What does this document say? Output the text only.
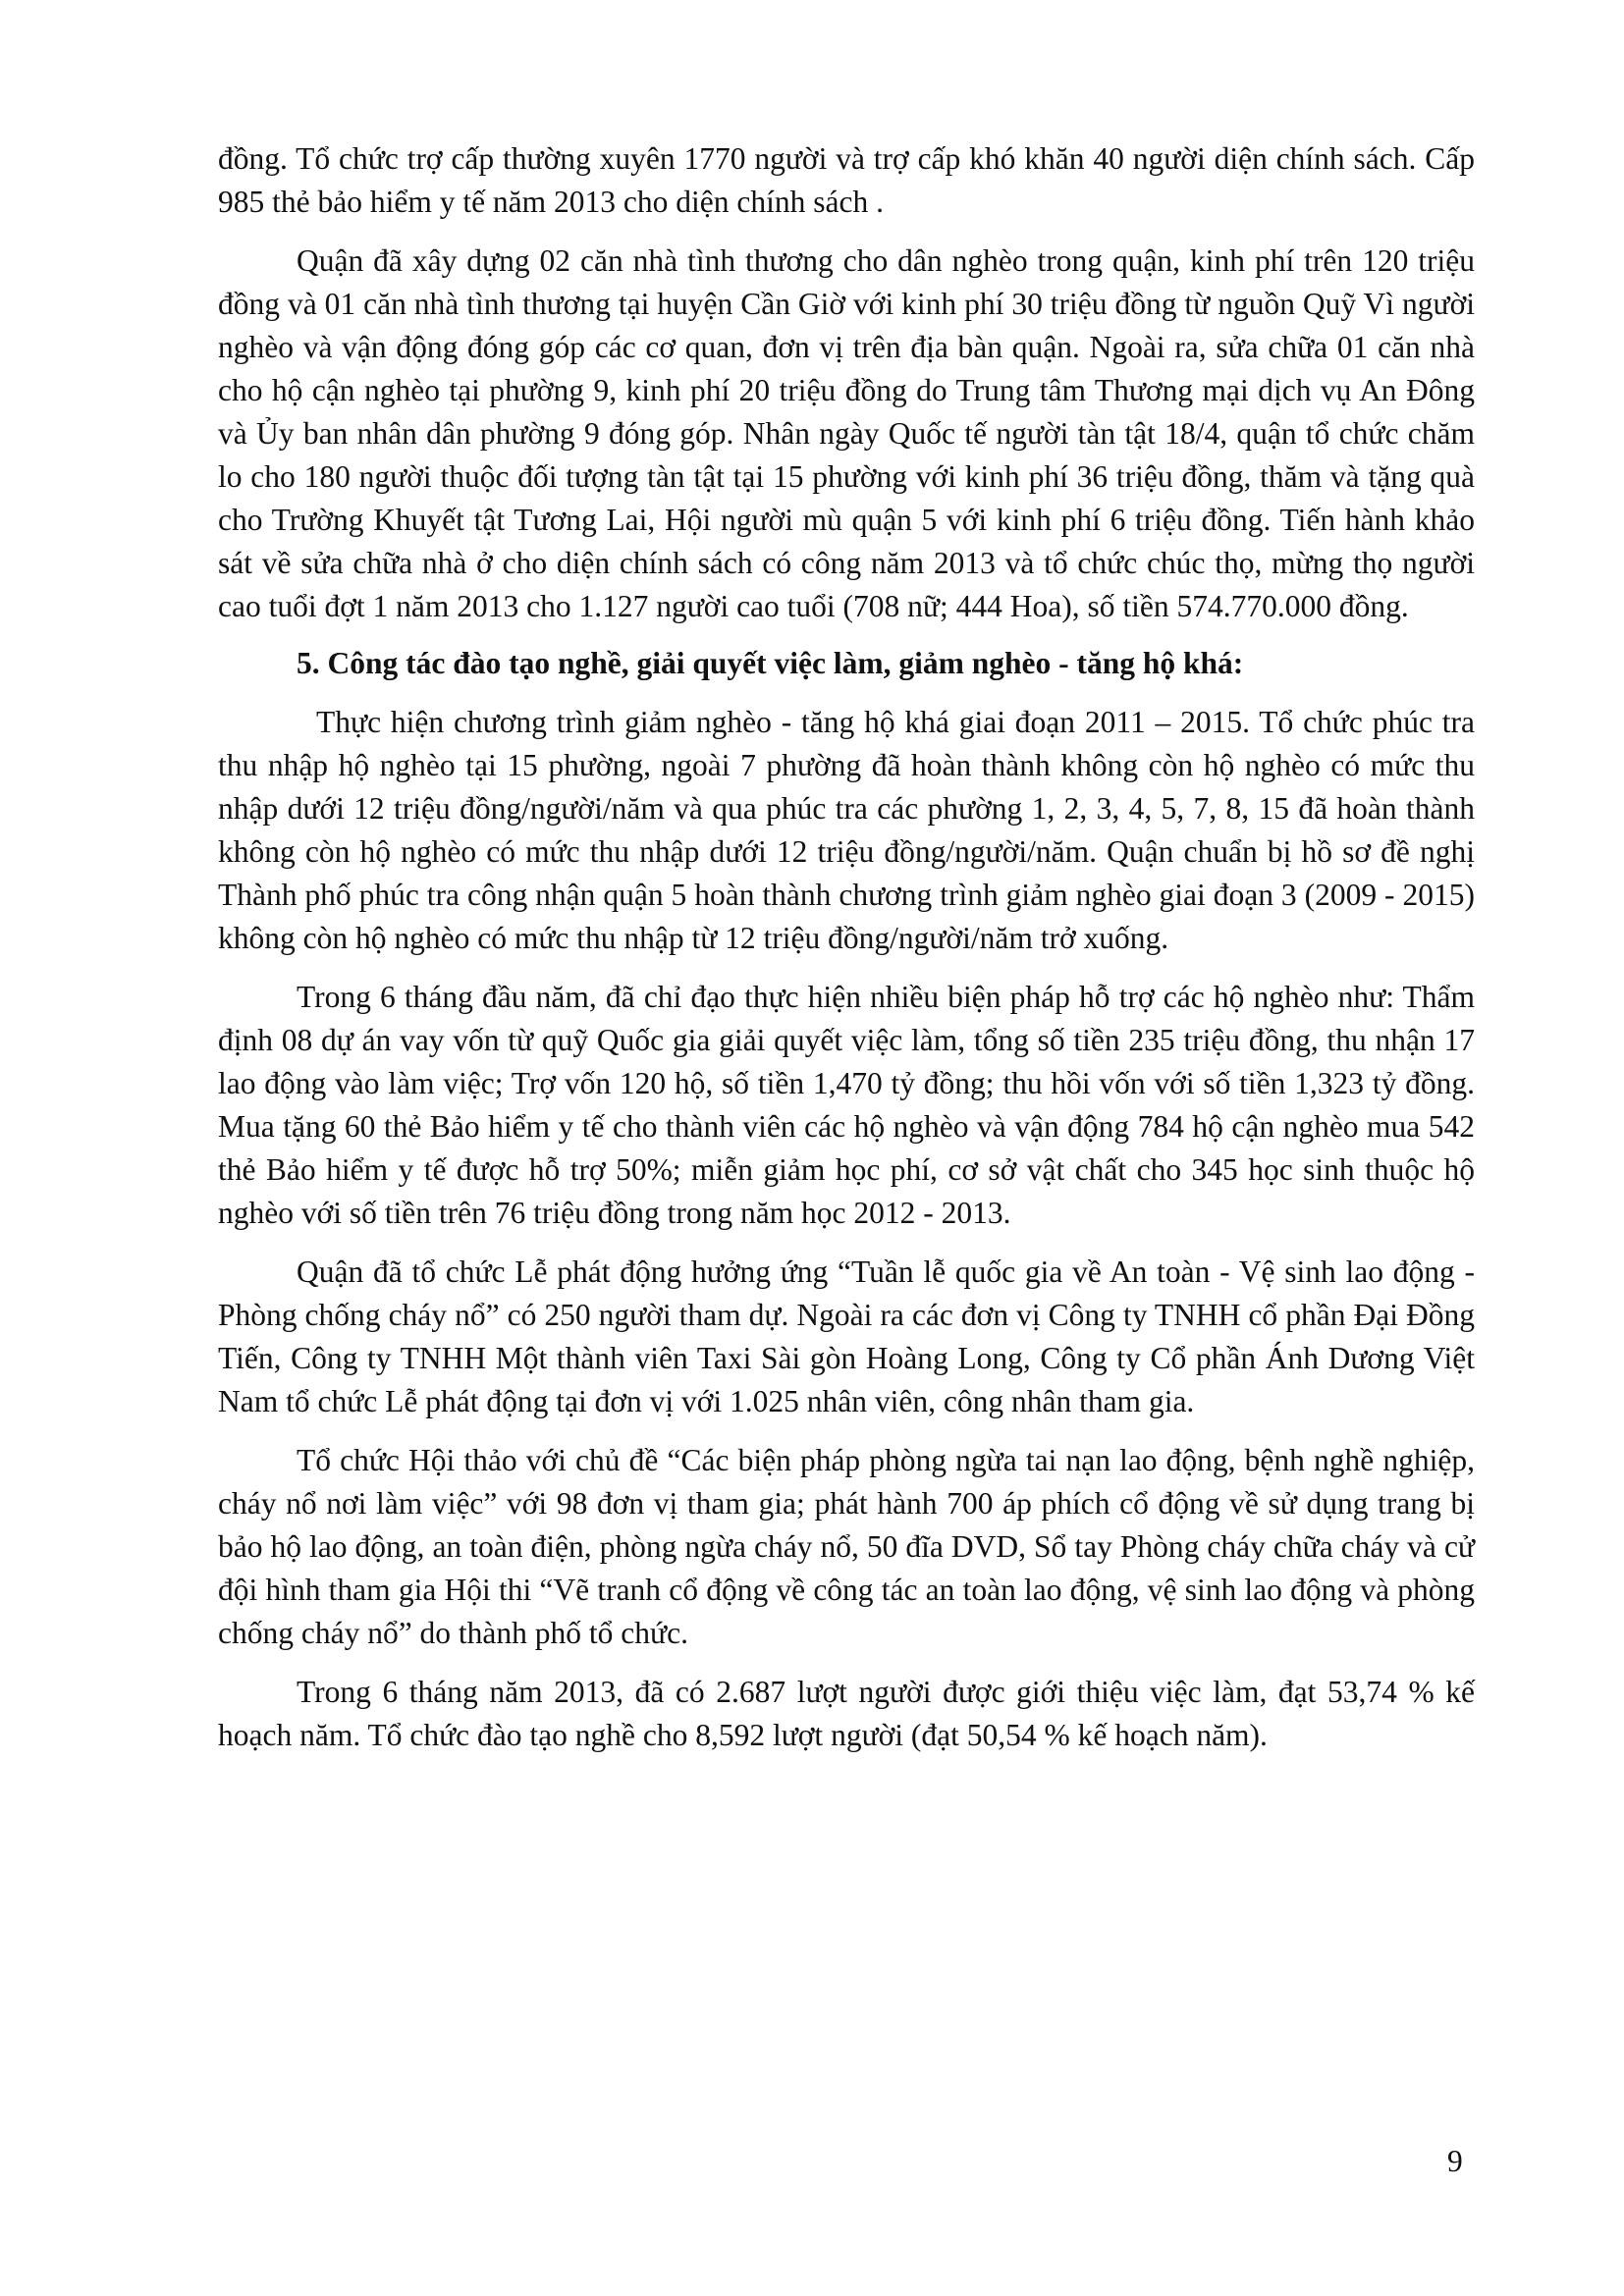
đồng. Tổ chức trợ cấp thường xuyên 1770 người và trợ cấp khó khăn 40 người diện chính sách. Cấp 985 thẻ bảo hiểm y tế năm 2013 cho diện chính sách .

Quận đã xây dựng 02 căn nhà tình thương cho dân nghèo trong quận, kinh phí trên 120 triệu đồng và 01 căn nhà tình thương tại huyện Cần Giờ với kinh phí 30 triệu đồng từ nguồn Quỹ Vì người nghèo và vận động đóng góp các cơ quan, đơn vị trên địa bàn quận. Ngoài ra, sửa chữa 01 căn nhà cho hộ cận nghèo tại phường 9, kinh phí 20 triệu đồng do Trung tâm Thương mại dịch vụ An Đông và Ủy ban nhân dân phường 9 đóng góp. Nhân ngày Quốc tế người tàn tật 18/4, quận tổ chức chăm lo cho 180 người thuộc đối tượng tàn tật tại 15 phường với kinh phí 36 triệu đồng, thăm và tặng quà cho Trường Khuyết tật Tương Lai, Hội người mù quận 5 với kinh phí 6 triệu đồng. Tiến hành khảo sát về sửa chữa nhà ở cho diện chính sách có công năm 2013 và tổ chức chúc thọ, mừng thọ người cao tuổi đợt 1 năm 2013 cho 1.127 người cao tuổi (708 nữ; 444 Hoa), số tiền 574.770.000 đồng.

5. Công tác đào tạo nghề, giải quyết việc làm, giảm nghèo - tăng hộ khá:

Thực hiện chương trình giảm nghèo - tăng hộ khá giai đoạn 2011 – 2015. Tổ chức phúc tra thu nhập hộ nghèo tại 15 phường, ngoài 7 phường đã hoàn thành không còn hộ nghèo có mức thu nhập dưới 12 triệu đồng/người/năm và qua phúc tra các phường 1, 2, 3, 4, 5, 7, 8, 15 đã hoàn thành không còn hộ nghèo có mức thu nhập dưới 12 triệu đồng/người/năm. Quận chuẩn bị hồ sơ đề nghị Thành phố phúc tra công nhận quận 5 hoàn thành chương trình giảm nghèo giai đoạn 3 (2009 - 2015) không còn hộ nghèo có mức thu nhập từ 12 triệu đồng/người/năm trở xuống.

Trong 6 tháng đầu năm, đã chỉ đạo thực hiện nhiều biện pháp hỗ trợ các hộ nghèo như: Thẩm định 08 dự án vay vốn từ quỹ Quốc gia giải quyết việc làm, tổng số tiền 235 triệu đồng, thu nhận 17 lao động vào làm việc; Trợ vốn 120 hộ, số tiền 1,470 tỷ đồng; thu hồi vốn với số tiền 1,323 tỷ đồng. Mua tặng 60 thẻ Bảo hiểm y tế cho thành viên các hộ nghèo và vận động 784 hộ cận nghèo mua 542 thẻ Bảo hiểm y tế được hỗ trợ 50%; miễn giảm học phí, cơ sở vật chất cho 345 học sinh thuộc hộ nghèo với số tiền trên 76 triệu đồng trong năm học 2012 - 2013.

Quận đã tổ chức Lễ phát động hưởng ứng “Tuần lễ quốc gia về An toàn - Vệ sinh lao động - Phòng chống cháy nổ” có 250 người tham dự. Ngoài ra các đơn vị Công ty TNHH cổ phần Đại Đồng Tiến, Công ty TNHH Một thành viên Taxi Sài gòn Hoàng Long, Công ty Cổ phần Ánh Dương Việt Nam tổ chức Lễ phát động tại đơn vị với 1.025 nhân viên, công nhân tham gia.

Tổ chức Hội thảo với chủ đề “Các biện pháp phòng ngừa tai nạn lao động, bệnh nghề nghiệp, cháy nổ nơi làm việc” với 98 đơn vị tham gia; phát hành 700 áp phích cổ động về sử dụng trang bị bảo hộ lao động, an toàn điện, phòng ngừa cháy nổ, 50 đĩa DVD, Sổ tay Phòng cháy chữa cháy và cử đội hình tham gia Hội thi “Vẽ tranh cổ động về công tác an toàn lao động, vệ sinh lao động và phòng chống cháy nổ” do thành phố tổ chức.

Trong 6 tháng năm 2013, đã có 2.687 lượt người được giới thiệu việc làm, đạt 53,74 % kế hoạch năm. Tổ chức đào tạo nghề cho 8,592 lượt người (đạt 50,54 % kế hoạch năm).

9
